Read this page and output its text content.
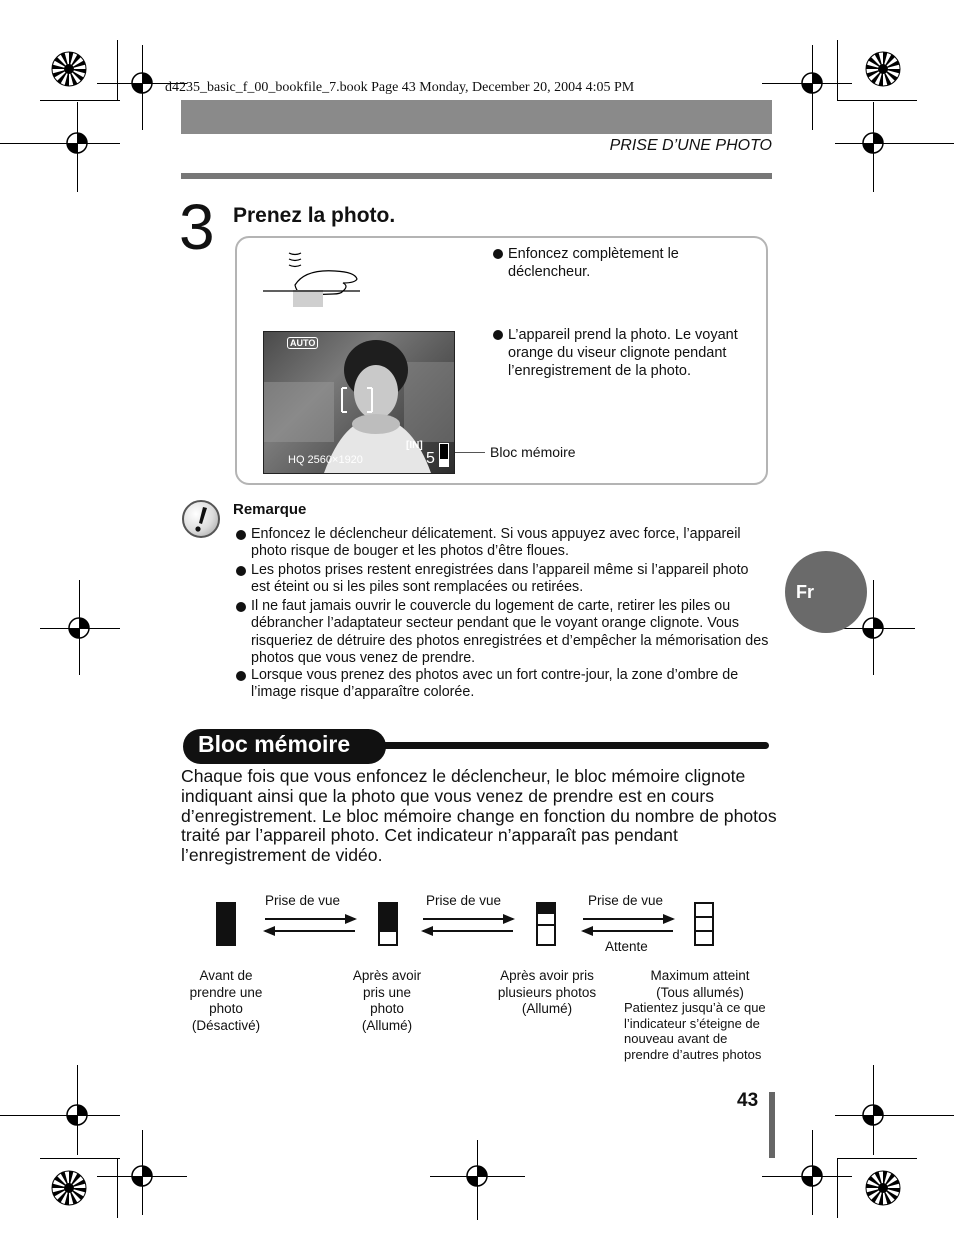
d4235_basic_f_00_bookfile_7.book Page 43 Monday, December 20, 2004 4:05 PM
PRISE D’UNE PHOTO
3 Prenez la photo.
Enfoncez complètement le déclencheur.
L’appareil prend la photo. Le voyant orange du viseur clignote pendant l’enregistrement de la photo.
AUTO
[IN]
HQ 2560×1920	5	Bloc mémoire
Remarque
Enfoncez le déclencheur délicatement. Si vous appuyez avec force, l’appareil photo risque de bouger et les photos d’être floues.
Les photos prises restent enregistrées dans l’appareil même si l’appareil photo est éteint ou si les piles sont remplacées ou retirées.
Il ne faut jamais ouvrir le couvercle du logement de carte, retirer les piles ou débrancher l’adaptateur secteur pendant que le voyant orange clignote. Vous risqueriez de détruire des photos enregistrées et d’empêcher la mémorisation des photos que vous venez de prendre.
Lorsque vous prenez des photos avec un fort contre-jour, la zone d’ombre de l’image risque d’apparaître colorée.
Fr
Bloc mémoire
Chaque fois que vous enfoncez le déclencheur, le bloc mémoire clignote indiquant ainsi que la photo que vous venez de prendre est en cours d’enregistrement. Le bloc mémoire change en fonction du nombre de photos traité par l’appareil photo. Cet indicateur n’apparaît pas pendant l’enregistrement de vidéo.
Prise de vue	Prise de vue	Prise de vue
Attente
Avant de
prendre une
photo
(Désactivé)
Après avoir
pris une
photo
(Allumé)
Après avoir pris
plusieurs photos
(Allumé)
Maximum atteint
(Tous allumés)
Patientez jusqu’à ce que
l’indicateur s’éteigne de
nouveau avant de
prendre d’autres photos
43
